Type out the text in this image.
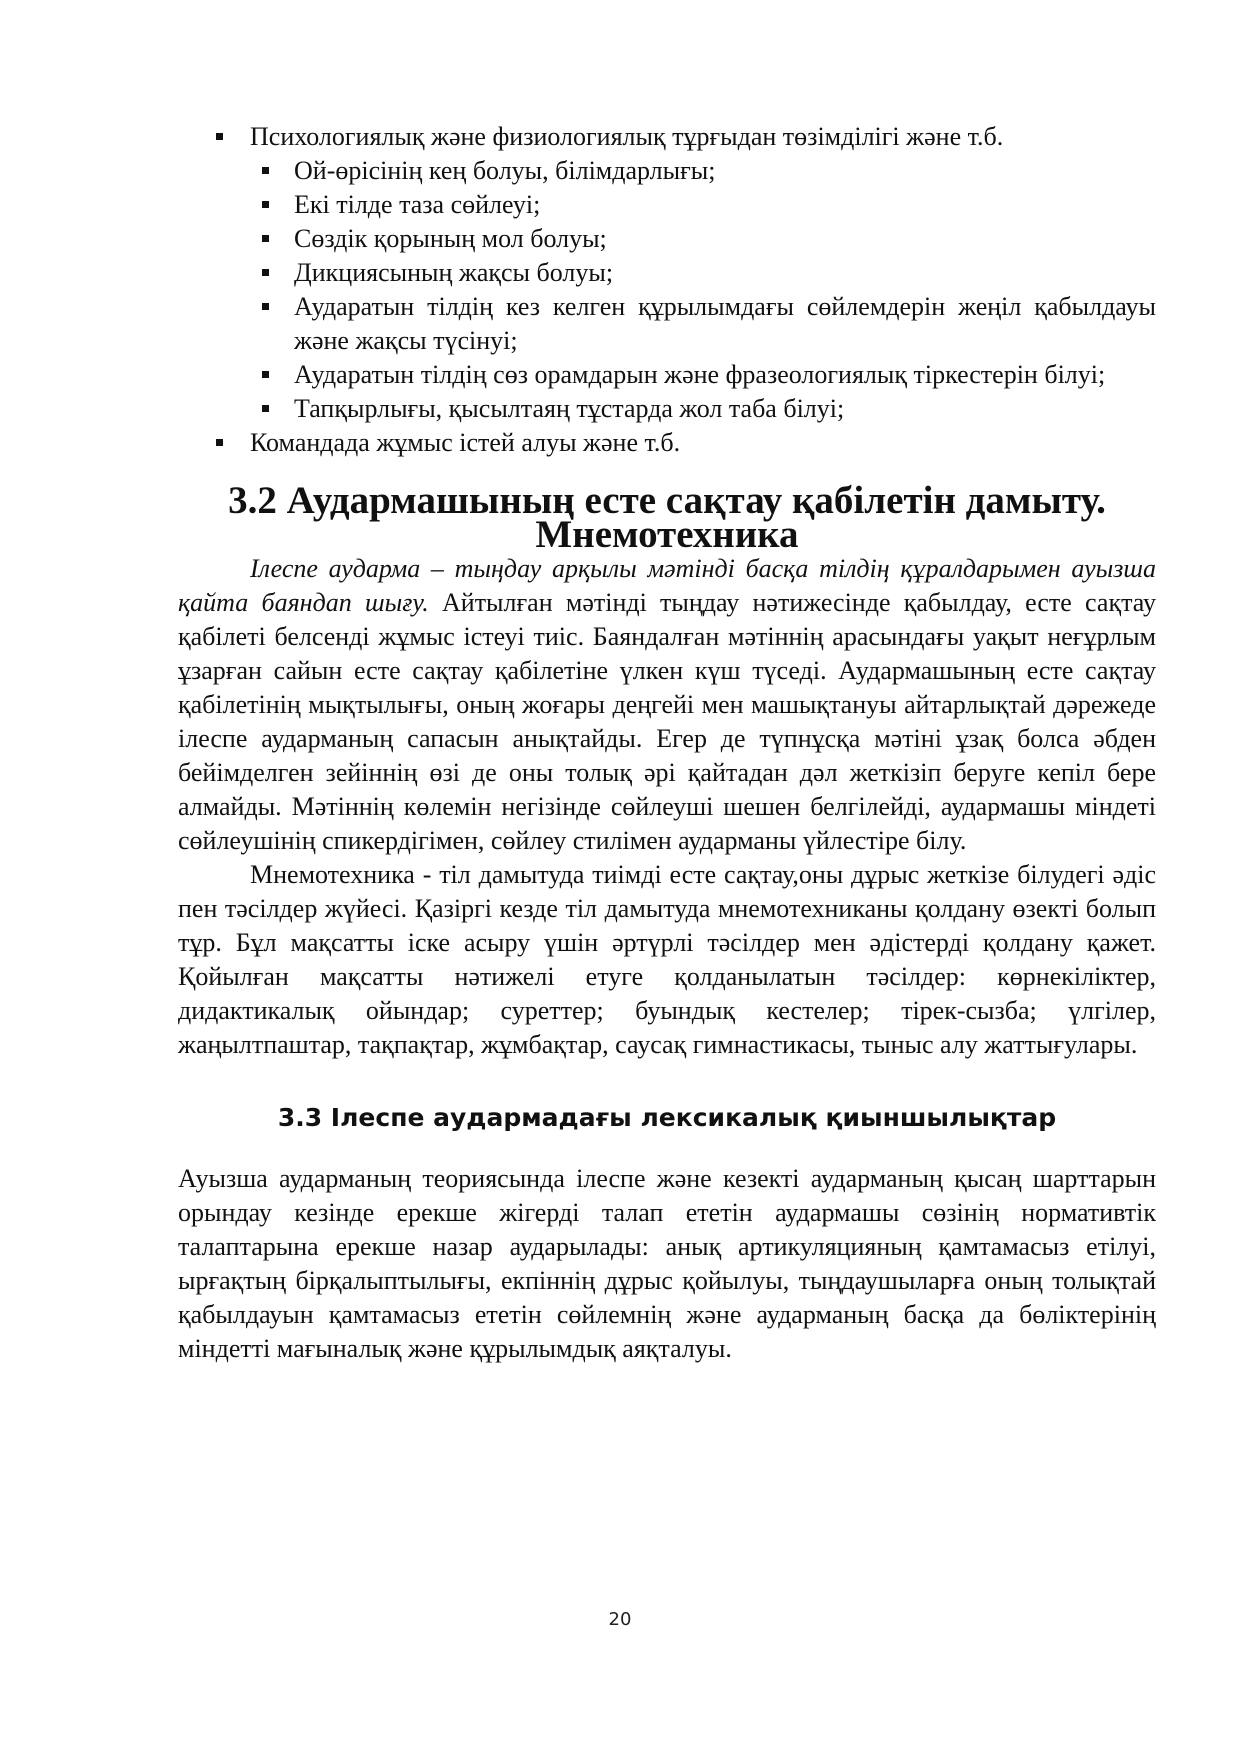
Психологиялық және физиологиялық тұрғыдан төзімділігі және т.б.
Ой-өрісінің кең болуы, білімдарлығы;
Екі тілде таза сөйлеуі;
Сөздік қорының мол болуы;
Дикциясының жақсы болуы;
Аударатын тілдің кез келген құрылымдағы сөйлемдерін жеңіл қабылдауы және жақсы түсінуі;
Аударатын тілдің сөз орамдарын және фразеологиялық тіркестерін білуі;
Тапқырлығы, қысылтаяң тұстарда жол таба білуі;
Командада жұмыс істей алуы және т.б.
3.2 Аудармашының есте сақтау қабілетін дамыту. Мнемотехника

Ілеспе аударма – тыңдау арқылы мәтінді басқа тілдің құралдарымен ауызша қайта баяндап шығу. Айтылған мәтінді тыңдау нәтижесінде қабылдау, есте сақтау қабілеті белсенді жұмыс істеуі тиіс. Баяндалған мәтіннің арасындағы уақыт неғұрлым ұзарған сайын есте сақтау қабілетіне үлкен күш түседі. Аудармашының есте сақтау қабілетінің мықтылығы, оның жоғары деңгейі мен машықтануы айтарлықтай дәрежеде ілеспе аударманың сапасын анықтайды. Егер де түпнұсқа мәтіні ұзақ болса әбден бейімделген зейіннің өзі де оны толық әрі қайтадан дәл жеткізіп беруге кепіл бере алмайды. Мәтіннің көлемін негізінде сөйлеуші шешен белгілейді, аудармашы міндеті сөйлеушінің спикердігімен, сөйлеу стилімен аударманы үйлестіре білу.

Мнемотехника - тіл дамытуда тиімді есте сақтау,оны дұрыс жеткізе білудегі әдіс пен тәсілдер жүйесі. Қазіргі кезде тіл дамытуда мнемотехниканы қолдану өзекті болып тұр. Бұл мақсатты іске асыру үшін әртүрлі тәсілдер мен әдістерді қолдану қажет. Қойылған мақсатты нәтижелі етуге қолданылатын тәсілдер: көрнекіліктер, дидактикалық ойындар; суреттер; буындық кестелер; тірек-сызба; үлгілер, жаңылтпаштар, тақпақтар, жұмбақтар, саусақ гимнастикасы, тыныс алу жаттығулары.

3.3 Ілеспе аудармадағы лексикалық қиыншылықтар

Ауызша аударманың теориясында ілеспе және кезекті аударманың қысаң шарттарын орындау кезінде ерекше жігерді талап ететін аудармашы сөзінің нормативтік талаптарына ерекше назар аударылады: анық артикуляцияның қамтамасыз етілуі, ырғақтың бірқалыптылығы, екпіннің дұрыс қойылуы, тыңдаушыларға оның толықтай қабылдауын қамтамасыз ететін сөйлемнің және аударманың басқа да бөліктерінің міндетті мағыналық және құрылымдық аяқталуы.

20
